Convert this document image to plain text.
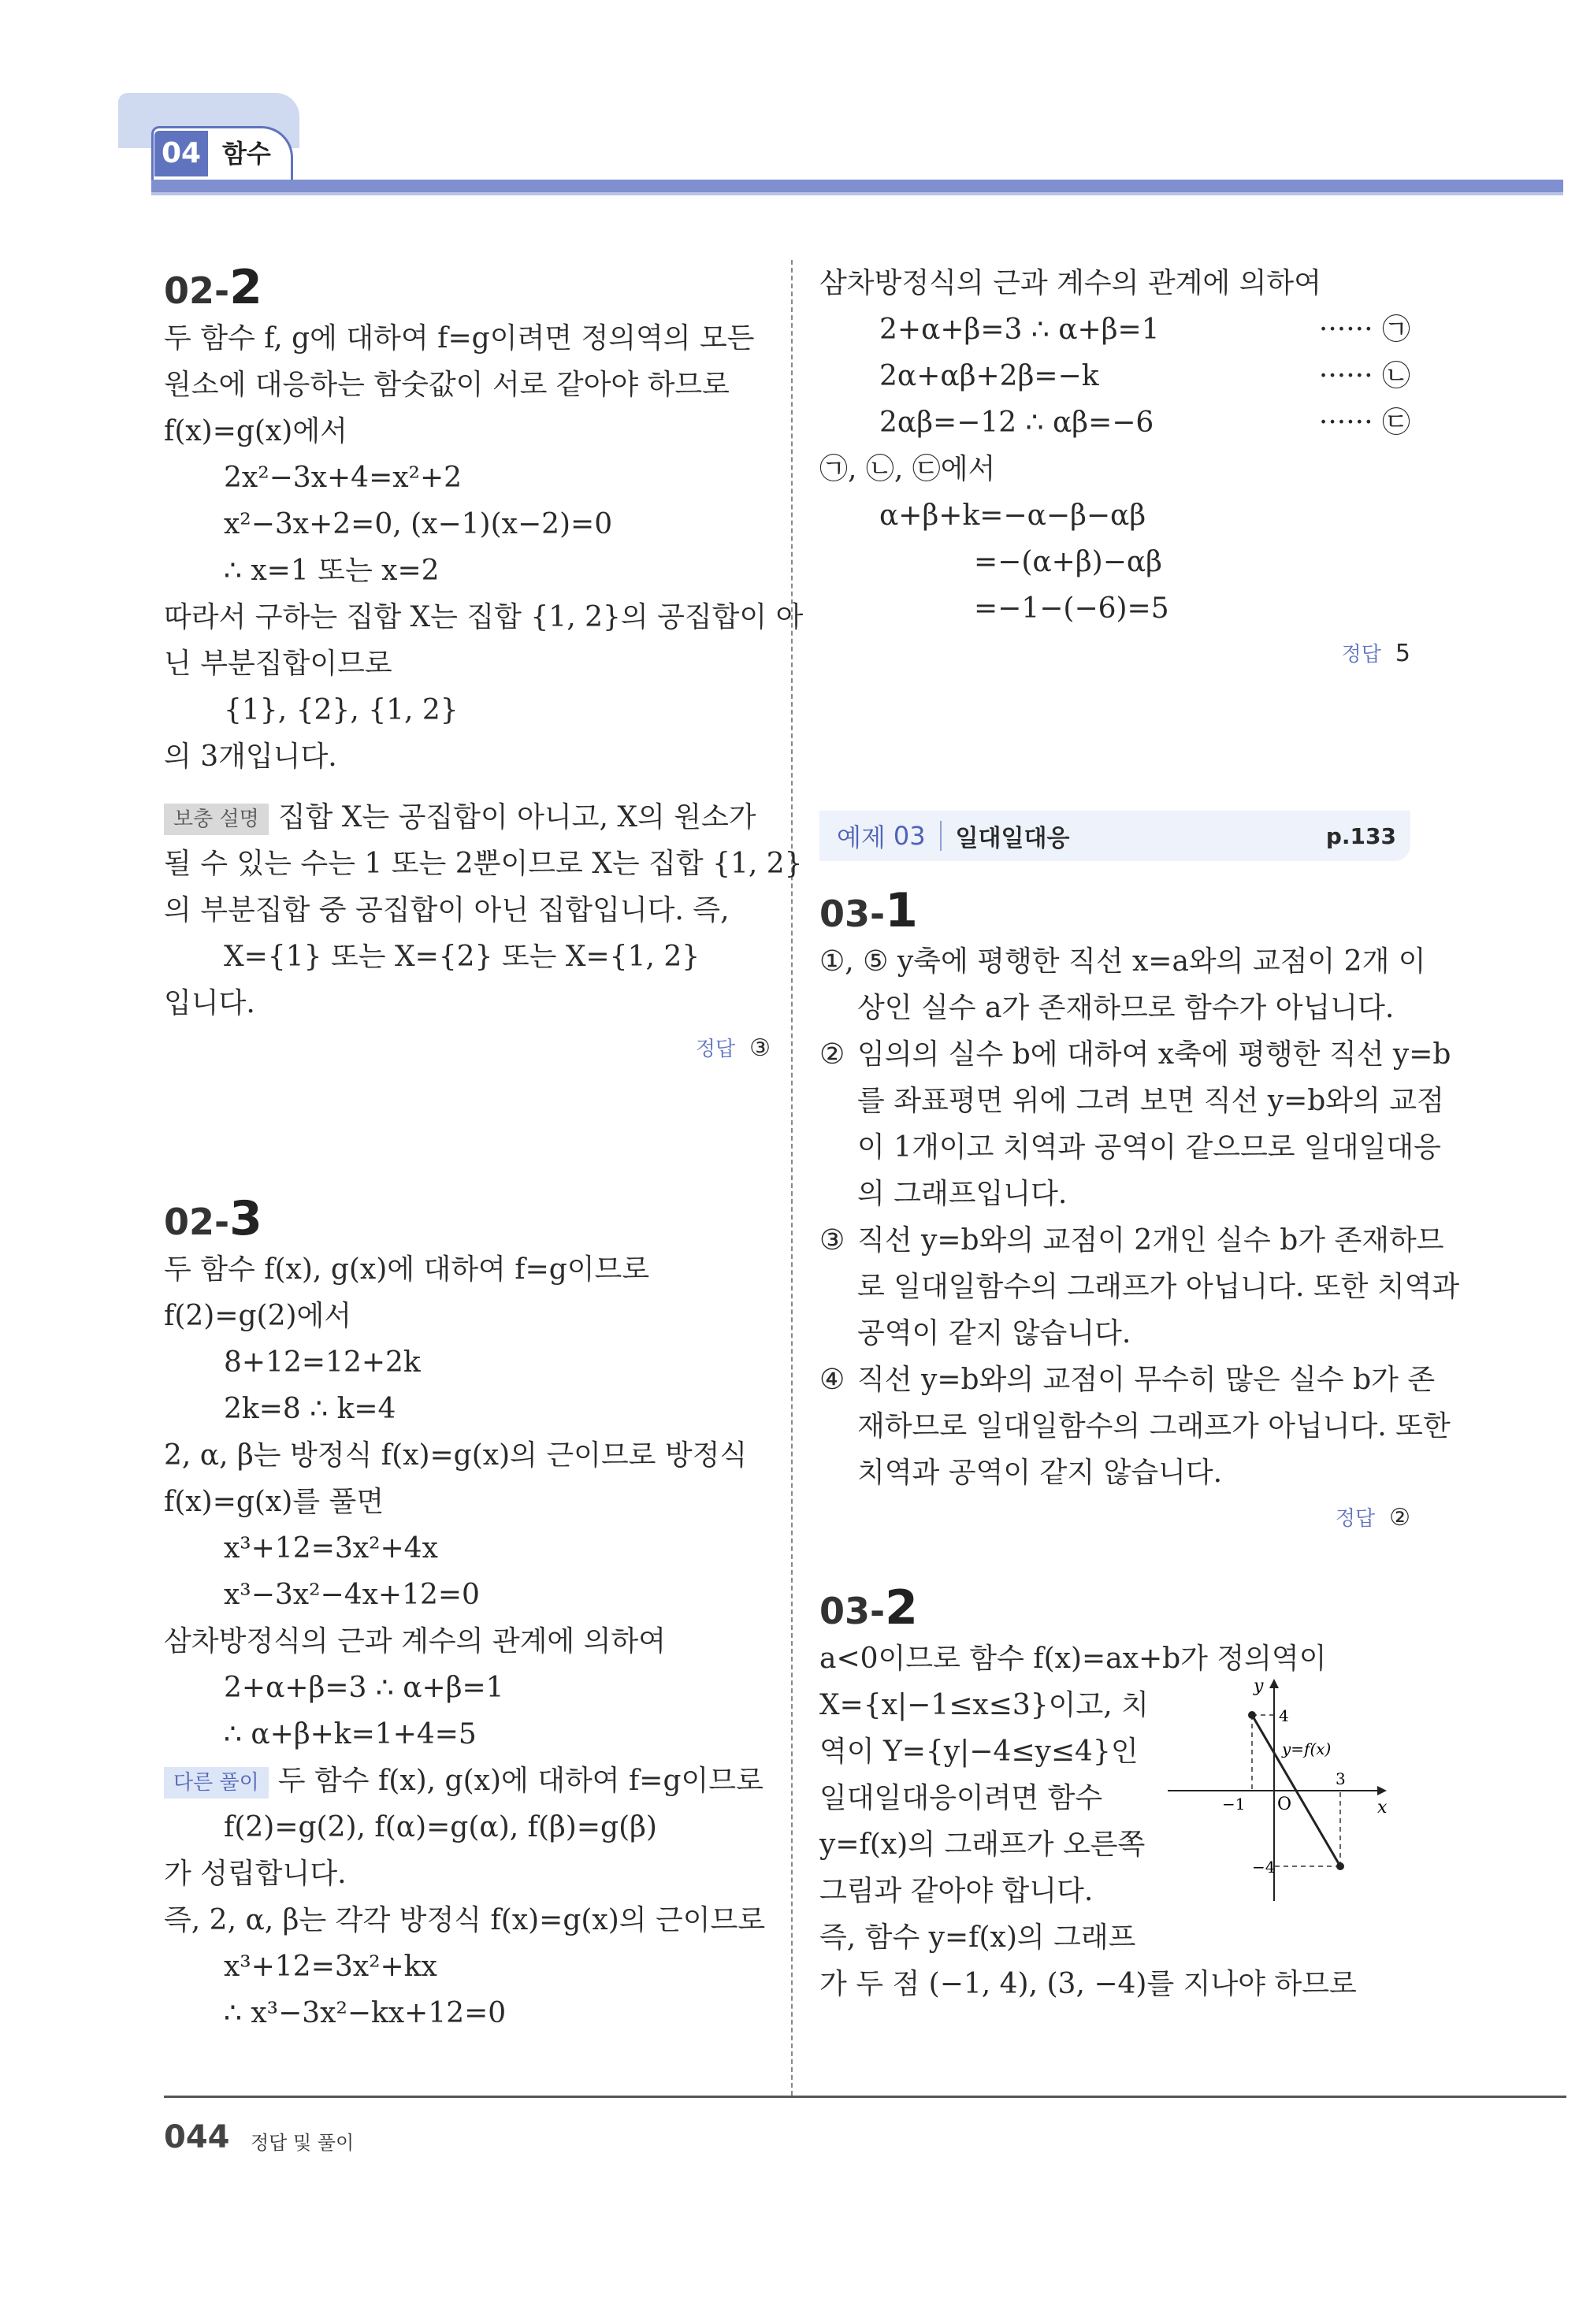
04 함수
02-2

두 함수 f, g에 대하여 f=g이려면 정의역의 모든

원소에 대응하는 함숫값이 서로 같아야 하므로

f(x)=g(x)에서

2x²−3x+4=x²+2

x²−3x+2=0, (x−1)(x−2)=0

∴ x=1 또는 x=2

따라서 구하는 집합 X는 집합 {1, 2}의 공집합이 아

닌 부분집합이므로

{1}, {2}, {1, 2}

의 3개입니다.

보충 설명 집합 X는 공집합이 아니고, X의 원소가

될 수 있는 수는 1 또는 2뿐이므로 X는 집합 {1, 2}

의 부분집합 중 공집합이 아닌 집합입니다. 즉,

X={1} 또는 X={2} 또는 X={1, 2}

입니다.

정답 ③

02-3

두 함수 f(x), g(x)에 대하여 f=g이므로

f(2)=g(2)에서

8+12=12+2k

2k=8 ∴ k=4

2, α, β는 방정식 f(x)=g(x)의 근이므로 방정식

f(x)=g(x)를 풀면

x³+12=3x²+4x

x³−3x²−4x+12=0

삼차방정식의 근과 계수의 관계에 의하여

2+α+β=3 ∴ α+β=1

∴ α+β+k=1+4=5

다른 풀이 두 함수 f(x), g(x)에 대하여 f=g이므로

f(2)=g(2), f(α)=g(α), f(β)=g(β)

가 성립합니다.

즉, 2, α, β는 각각 방정식 f(x)=g(x)의 근이므로

x³+12=3x²+kx

∴ x³−3x²−kx+12=0

삼차방정식의 근과 계수의 관계에 의하여

2+α+β=3 ∴ α+β=1	······ ㉠
2α+αβ+2β=−k	······ ㉡
2αβ=−12 ∴ αβ=−6	······ ㉢

㉠, ㉡, ㉢에서

α+β+k=−α−β−αβ

=−(α+β)−αβ

=−1−(−6)=5

정답 5

예제 03	일대일대응	p.133
03-1
①, ⑤ y축에 평행한 직선 x=a와의 교점이 2개 이
상인 실수 a가 존재하므로 함수가 아닙니다.
② 임의의 실수 b에 대하여 x축에 평행한 직선 y=b
를 좌표평면 위에 그려 보면 직선 y=b와의 교점
이 1개이고 치역과 공역이 같으므로 일대일대응
의 그래프입니다.
③ 직선 y=b와의 교점이 2개인 실수 b가 존재하므
로 일대일함수의 그래프가 아닙니다. 또한 치역과
공역이 같지 않습니다.
④ 직선 y=b와의 교점이 무수히 많은 실수 b가 존
재하므로 일대일함수의 그래프가 아닙니다. 또한
치역과 공역이 같지 않습니다.

정답 ②

03-2

a<0이므로 함수 f(x)=ax+b가 정의역이

X={x|−1≤x≤3}이고, 치

역이 Y={y|−4≤y≤4}인

일대일대응이려면 함수

y=f(x)의 그래프가 오른쪽

그림과 같아야 합니다.

즉, 함수 y=f(x)의 그래프

y
x
O
4
−4
−1
3
y=f(x)

가 두 점 (−1, 4), (3, −4)를 지나야 하므로

044 정답 및 풀이
